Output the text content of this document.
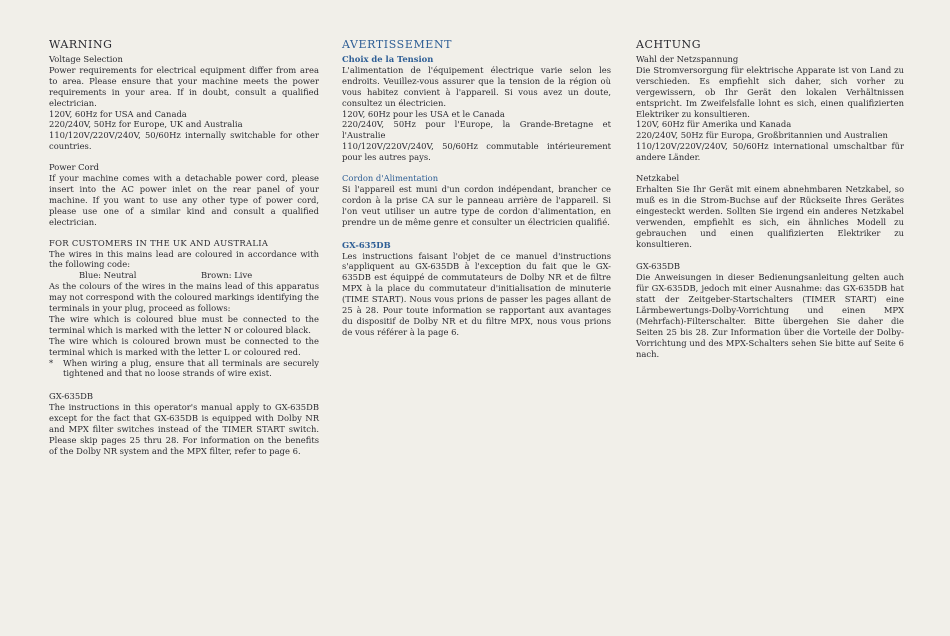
WARNING
Voltage Selection

Power requirements for electrical equipment differ from area to area. Please ensure that your machine meets the power requirements in your area. If in doubt, consult a qualified electrician.

120V, 60Hz for USA and Canada

220/240V, 50Hz for Europe, UK and Australia

110/120V/220V/240V, 50/60Hz internally switchable for other countries.

Power Cord

If your machine comes with a detachable power cord, please insert into the AC power inlet on the rear panel of your machine. If you want to use any other type of power cord, please use one of a similar kind and consult a qualified electrician.

FOR CUSTOMERS IN THE UK AND AUSTRALIA

The wires in this mains lead are coloured in accordance with the following code:

Blue: Neutral	Brown: Live

As the colours of the wires in the mains lead of this apparatus may not correspond with the coloured markings identifying the terminals in your plug, proceed as follows:

The wire which is coloured blue must be connected to the terminal which is marked with the letter N or coloured black.

The wire which is coloured brown must be connected to the terminal which is marked with the letter L or coloured red.

*	When wiring a plug, ensure that all terminals are securely tightened and that no loose strands of wire exist.
GX-635DB

The instructions in this operator's manual apply to GX-635DB except for the fact that GX-635DB is equipped with Dolby NR and MPX filter switches instead of the TIMER START switch. Please skip pages 25 thru 28. For information on the benefits of the Dolby NR system and the MPX filter, refer to page 6.

AVERTISSEMENT
Choix de la Tension

L'alimentation de l'équipement électrique varie selon les endroits. Veuillez-vous assurer que la tension de la région où vous habitez convient à l'appareil. Si vous avez un doute, consultez un électricien.

120V, 60Hz pour les USA et le Canada

220/240V, 50Hz pour l'Europe, la Grande-Bretagne et l'Australie

110/120V/220V/240V, 50/60Hz commutable intérieurement pour les autres pays.

Cordon d'Alimentation

Si l'appareil est muni d'un cordon indépendant, brancher ce cordon à la prise CA sur le panneau arrière de l'appareil. Si l'on veut utiliser un autre type de cordon d'alimentation, en prendre un de même genre et consulter un électricien qualifié.

GX-635DB

Les instructions faisant l'objet de ce manuel d'instructions s'appliquent au GX-635DB à l'exception du fait que le GX-635DB est équippé de commutateurs de Dolby NR et de filtre MPX à la place du commutateur d'initialisation de minuterie (TIME START). Nous vous prions de passer les pages allant de 25 à 28. Pour toute information se rapportant aux avantages du dispositif de Dolby NR et du filtre MPX, nous vous prions de vous référer à la page 6.

ACHTUNG
Wahl der Netzspannung

Die Stromversorgung für elektrische Apparate ist von Land zu verschieden. Es empfiehlt sich daher, sich vorher zu vergewissern, ob Ihr Gerät den lokalen Verhältnissen entspricht. Im Zweifelsfalle lohnt es sich, einen qualifizierten Elektriker zu konsultieren.

120V, 60Hz für Amerika und Kanada

220/240V, 50Hz für Europa, Großbritannien und Australien

110/120V/220V/240V, 50/60Hz international umschaltbar für andere Länder.

Netzkabel

Erhalten Sie Ihr Gerät mit einem abnehmbaren Netzkabel, so muß es in die Strom-Buchse auf der Rückseite Ihres Gerätes eingesteckt werden. Sollten Sie irgend ein anderes Netzkabel verwenden, empfiehlt es sich, ein ähnliches Modell zu gebrauchen und einen qualifizierten Elektriker zu konsultieren.

GX-635DB

Die Anweisungen in dieser Bedienungsanleitung gelten auch für GX-635DB, jedoch mit einer Ausnahme: das GX-635DB hat statt der Zeitgeber-Startschalters (TIMER START) eine Lärmbewertungs-Dolby-Vorrichtung und einen MPX (Mehrfach)-Filterschalter. Bitte übergehen Sie daher die Seiten 25 bis 28. Zur Information über die Vorteile der Dolby-Vorrichtung und des MPX-Schalters sehen Sie bitte auf Seite 6 nach.
